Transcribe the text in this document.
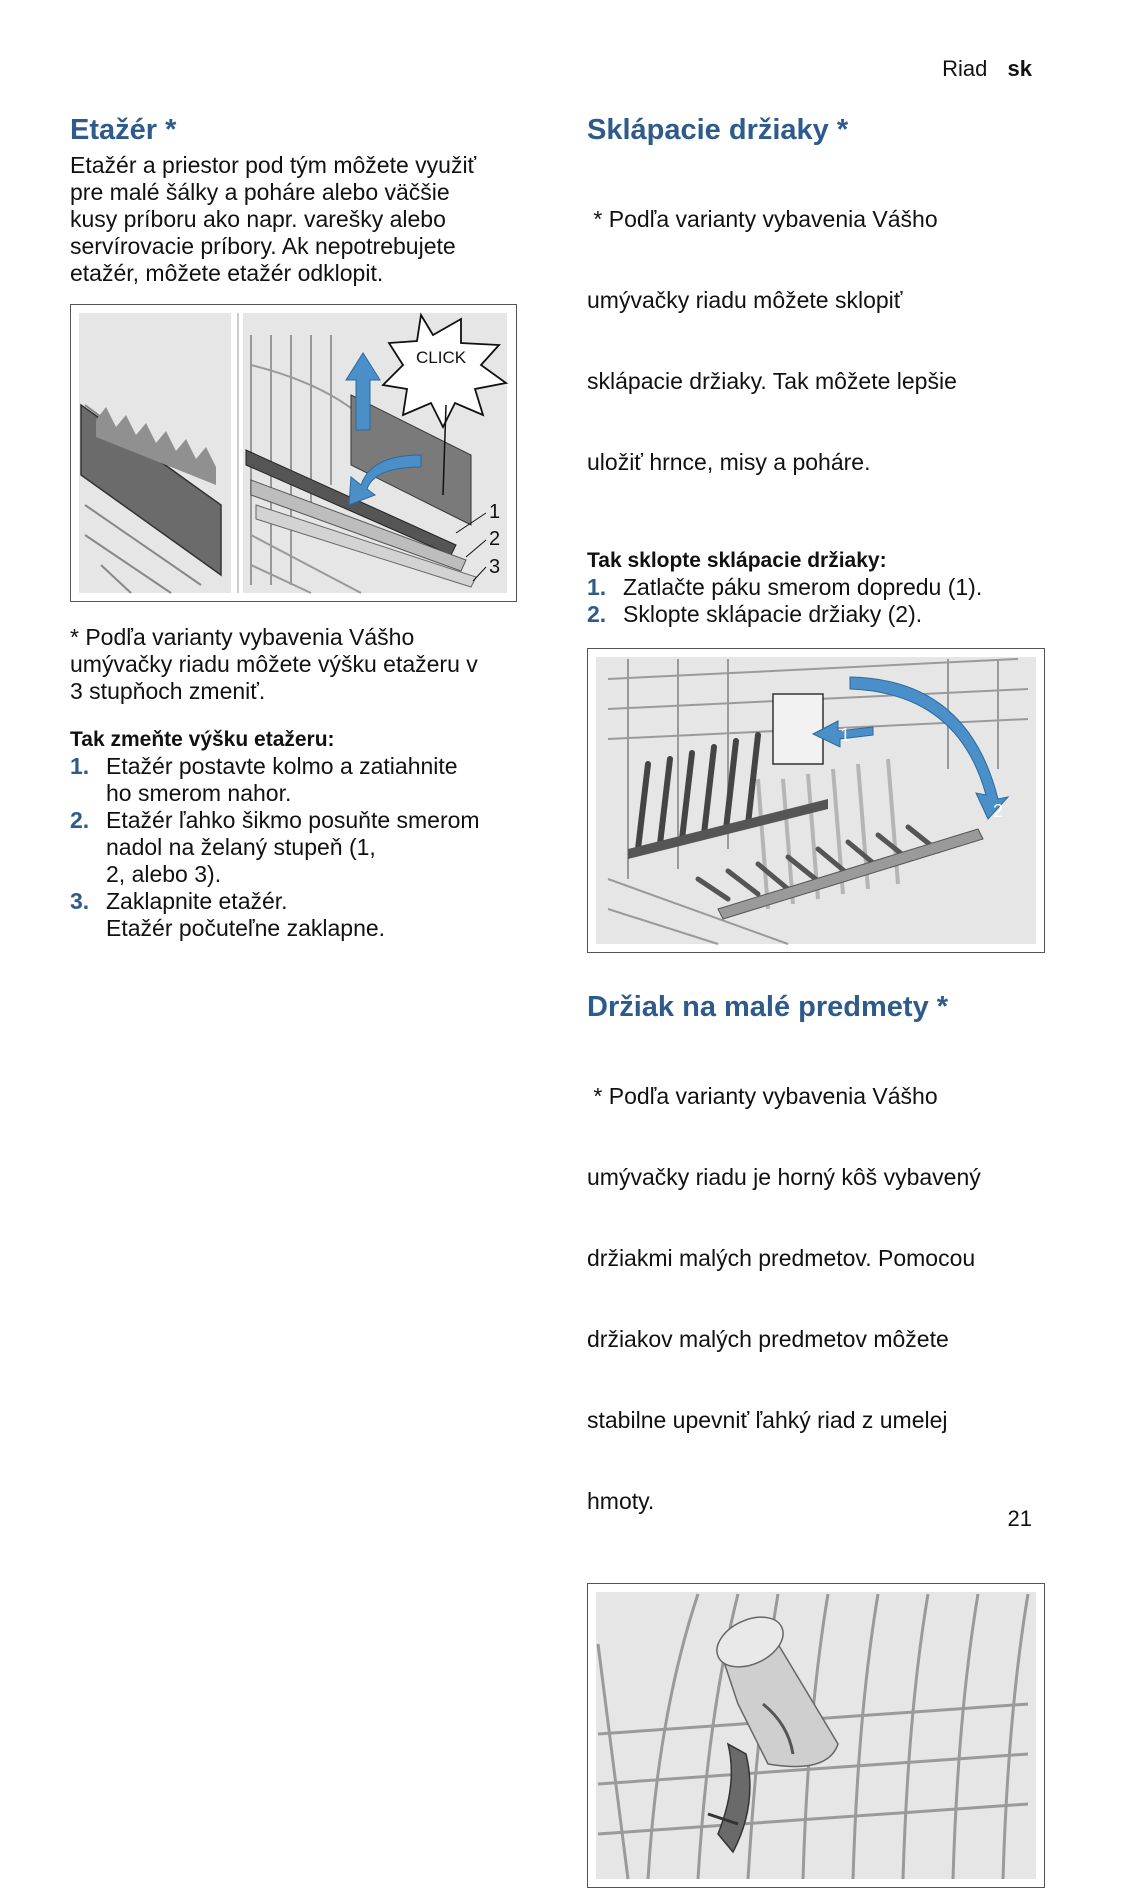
Riad sk
Etažér *

Etažér a priestor pod tým môžete využiť
pre malé šálky a poháre alebo väčšie
kusy príboru ako napr. varešky alebo
servírovacie príbory. Ak nepotrebujete
etažér, môžete etažér odklopit.

CLICK
1
2
3

* Podľa varianty vybavenia Vášho
umývačky riadu môžete výšku etažeru v
3 stupňoch zmeniť.

Tak zmeňte výšku etažeru:
1. Etažér postavte kolmo a zatiahnite
ho smerom nahor.
2. Etažér ľahko šikmo posuňte smerom
nadol na želaný stupeň (1,
2, alebo 3).
3. Zaklapnite etažér.
Etažér počuteľne zaklapne.
Sklápacie držiaky *

* Podľa varianty vybavenia Vášho

umývačky riadu môžete sklopiť

sklápacie držiaky. Tak môžete lepšie

uložiť hrnce, misy a poháre.

Tak sklopte sklápacie držiaky:
1. Zatlačte páku smerom dopredu (1).
2. Sklopte sklápacie držiaky (2).
1
2
Držiak na malé predmety *

* Podľa varianty vybavenia Vášho

umývačky riadu je horný kôš vybavený

držiakmi malých predmetov. Pomocou

držiakov malých predmetov môžete

stabilne upevniť ľahký riad z umelej

hmoty.

21
